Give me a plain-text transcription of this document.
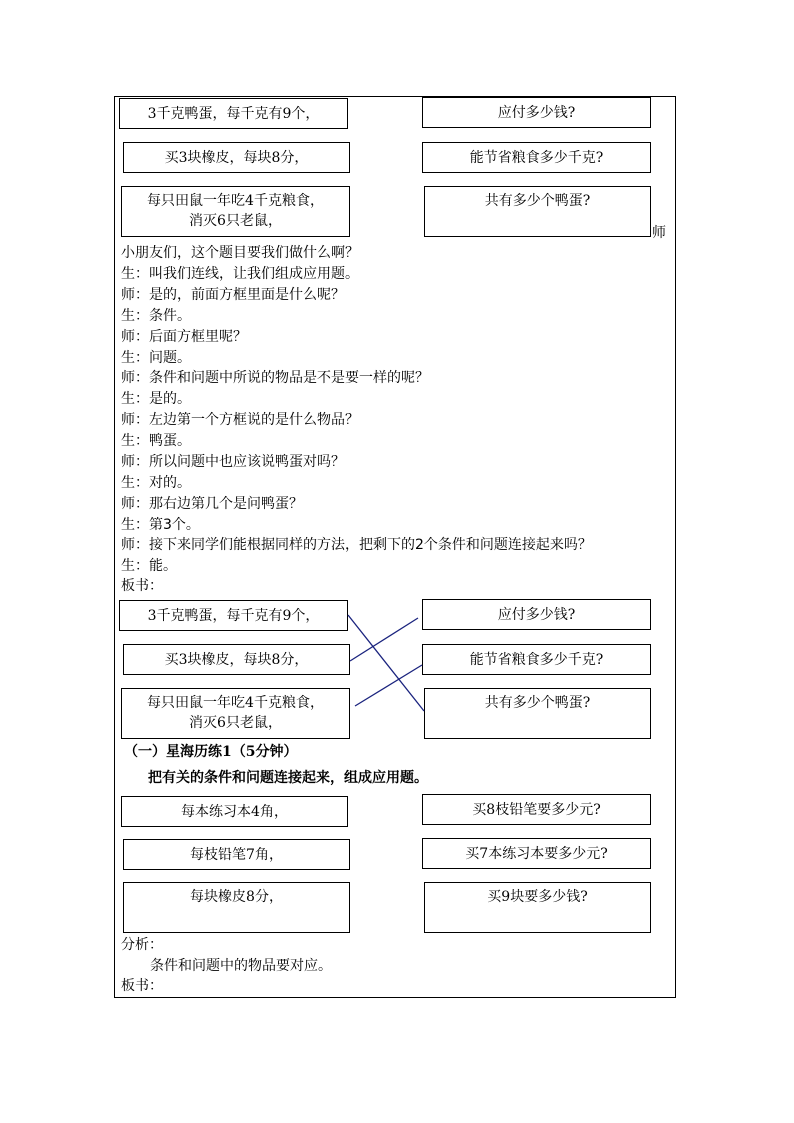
3千克鸭蛋，每千克有9个，
买3块橡皮，每块8分，
每只田鼠一年吃4千克粮食，
消灭6只老鼠，
应付多少钱?
能节省粮食多少千克?
共有多少个鸭蛋?
师
小朋友们，这个题目要我们做什么啊？
生：叫我们连线，让我们组成应用题。
师：是的，前面方框里面是什么呢？
生：条件。
师：后面方框里呢？
生：问题。
师：条件和问题中所说的物品是不是要一样的呢？
生：是的。
师：左边第一个方框说的是什么物品？
生：鸭蛋。
师：所以问题中也应该说鸭蛋对吗？
生：对的。
师：那右边第几个是问鸭蛋？
生：第3个。
师：接下来同学们能根据同样的方法，把剩下的2个条件和问题连接起来吗？
生：能。
板书：
3千克鸭蛋，每千克有9个，
买3块橡皮，每块8分，
每只田鼠一年吃4千克粮食，
消灭6只老鼠，
应付多少钱?
能节省粮食多少千克?
共有多少个鸭蛋?
（一）星海历练1（5分钟）
把有关的条件和问题连接起来，组成应用题。
每本练习本4角，
每枝铅笔7角，
每块橡皮8分，
买8枝铅笔要多少元?
买7本练习本要多少元?
买9块要多少钱?
分析：
条件和问题中的物品要对应。
板书：
